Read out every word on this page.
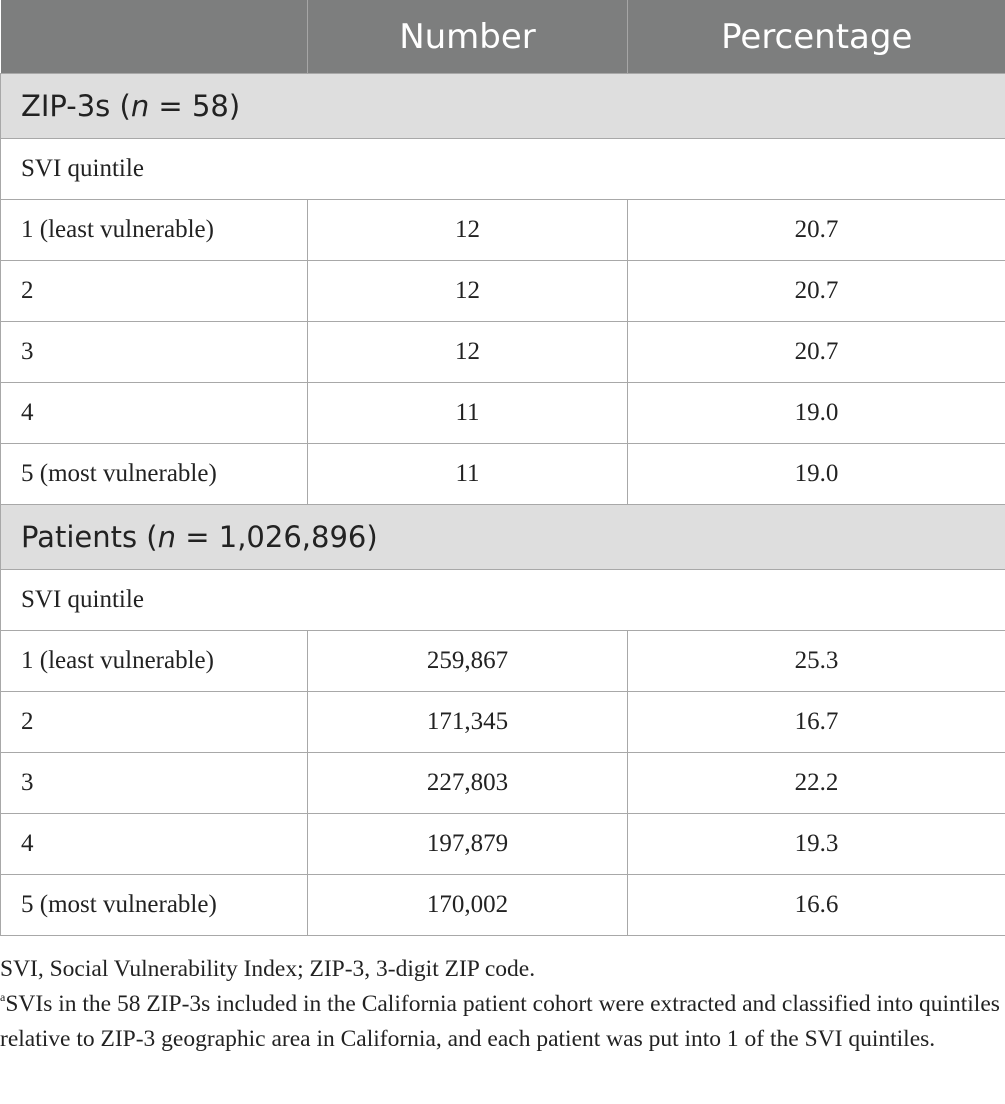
	Number	Percentage
ZIP-3s (n = 58)		
SVI quintile		
1 (least vulnerable)	12	20.7
2	12	20.7
3	12	20.7
4	11	19.0
5 (most vulnerable)	11	19.0
Patients (n = 1,026,896)		
SVI quintile		
1 (least vulnerable)	259,867	25.3
2	171,345	16.7
3	227,803	22.2
4	197,879	19.3
5 (most vulnerable)	170,002	16.6

SVI, Social Vulnerability Index; ZIP-3, 3-digit ZIP code.

$^a$SVIs in the 58 ZIP-3s included in the California patient cohort were extracted and classified into quintiles relative to ZIP-3 geographic area in California, and each patient was put into 1 of the SVI quintiles.
